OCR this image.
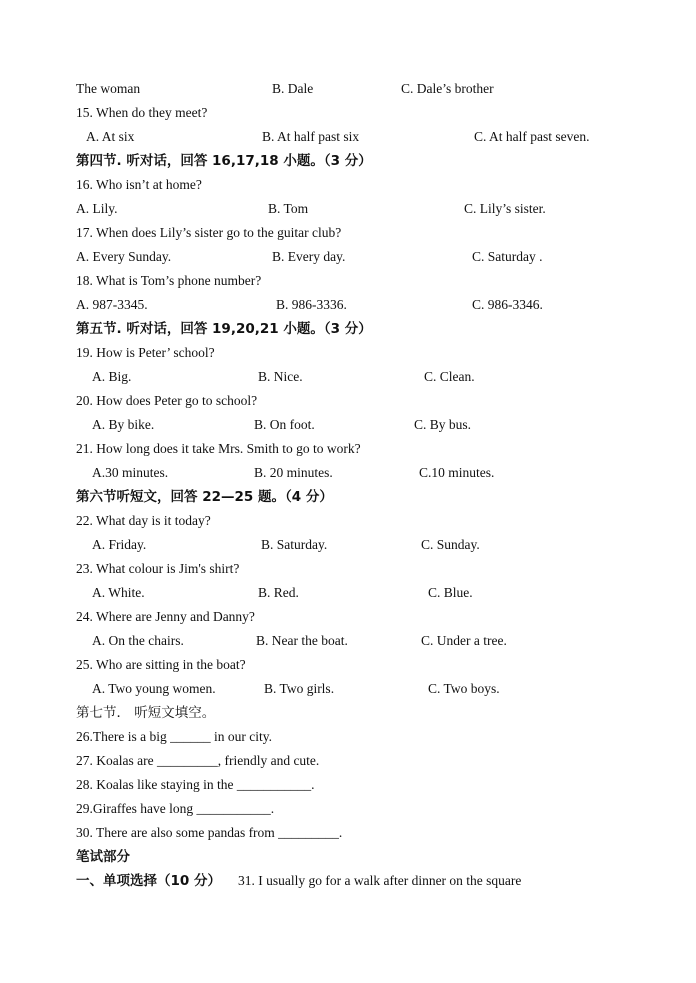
The woman	B. Dale	C. Dale’s brother
15. When do they meet?
A. At six	B. At half past six	C. At half past seven.
第四节. 听对话，回答 16,17,18 小题。（3 分）
16. Who isn’t at home?
A. Lily.	B. Tom	C. Lily’s sister.
17. When does Lily’s sister go to the guitar club?
A. Every Sunday.	B. Every day.	C. Saturday .
18. What is Tom’s phone number?
A. 987-3345.	B. 986-3336.	C. 986-3346.
第五节. 听对话，回答 19,20,21 小题。（3 分）
19. How is Peter’ school?
A. Big.	B. Nice.	C. Clean.
20. How does Peter go to school?
A. By bike.	B. On foot.	C. By bus.
21. How long does it take Mrs. Smith to go to work?
A.30 minutes.	B. 20 minutes.	C.10 minutes.
第六节听短文，回答 22—25 题。（4 分）
22. What day is it today?
A. Friday.	B. Saturday.	C. Sunday.
23. What colour is Jim's shirt?
A. White.	B. Red.	C. Blue.
24. Where are Jenny and Danny?
A. On the chairs.	B. Near the boat.	C. Under a tree.
25. Who are sitting in the boat?
A. Two young women.	B. Two girls.	C. Two boys.
第七节． 听短文填空。
26.There is a big ______ in our city.
27. Koalas are _________, friendly and cute.
28. Koalas like staying in the ___________.
29.Giraffes have long ___________.
30. There are also some pandas from _________.
笔试部分
一、单项选择（10 分） 31. I usually go for a walk after dinner on the square
